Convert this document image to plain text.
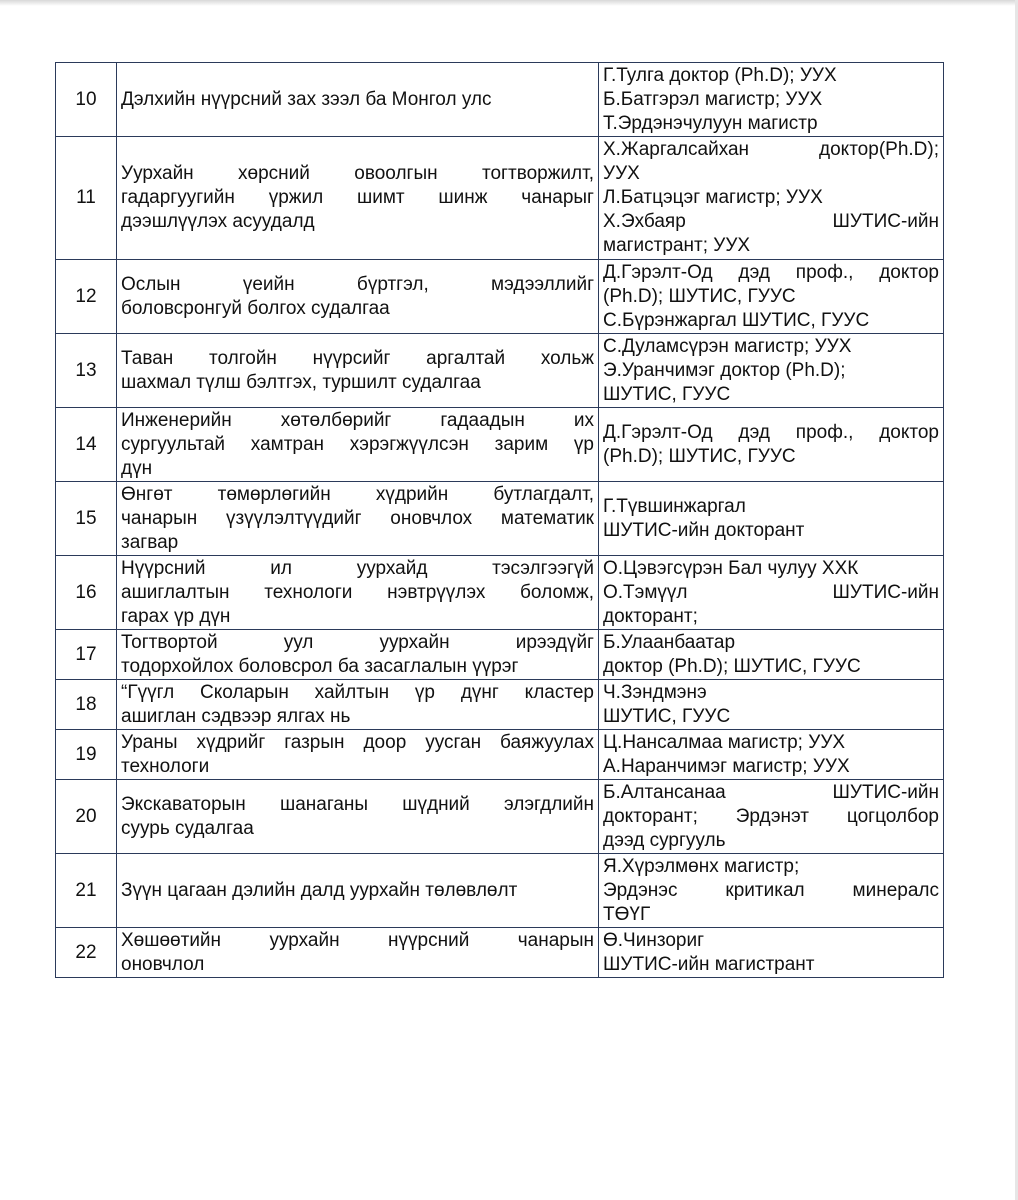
10	Дэлхийн нүүрсний зах зээл ба Монгол улс	Г.Тулга доктор (Ph.D); УУХ
Б.Батгэрэл магистр; УУХ
Т.Эрдэнэчулуун магистр

11	Уурхайн хөрсний овоолгын тогтворжилт,
гадаргуугийн үржил шимт шинж чанарыг
дээшлүүлэх асуудалд	Х.Жаргалсайхан доктор(Ph.D);
УУХ
Л.Батцэцэг магистр; УУХ
Х.Эхбаяр ШУТИС-ийн
магистрант; УУХ

12	Ослын үеийн бүртгэл, мэдээллийг
боловсронгуй болгох судалгаа	Д.Гэрэлт-Од дэд проф., доктор
(Ph.D); ШУТИС, ГУУС
С.Бүрэнжаргал ШУТИС, ГУУС

13	Таван толгойн нүүрсийг аргалтай хольж
шахмал түлш бэлтгэх, туршилт судалгаа	С.Дуламсүрэн магистр; УУХ
Э.Уранчимэг доктор (Ph.D);
ШУТИС, ГУУС

14	Инженерийн хөтөлбөрийг гадаадын их
сургуультай хамтран хэрэгжүүлсэн зарим үр
дүн	Д.Гэрэлт-Од дэд проф., доктор
(Ph.D); ШУТИС, ГУУС

15	Өнгөт төмөрлөгийн хүдрийн бутлагдалт,
чанарын үзүүлэлтүүдийг оновчлох математик
загвар	Г.Түвшинжаргал
ШУТИС-ийн докторант

16	Нүүрсний ил уурхайд тэсэлгээгүй
ашиглалтын технологи нэвтрүүлэх боломж,
гарах үр дүн	О.Цэвэгсүрэн Бал чулуу ХХК
О.Тэмүүл ШУТИС-ийн
докторант;

17	Тогтвортой уул уурхайн ирээдүйг
тодорхойлох боловсрол ба засаглалын үүрэг	Б.Улаанбаатар
доктор (Ph.D); ШУТИС, ГУУС

18	“Гүүгл Сколарын хайлтын үр дүнг кластер
ашиглан сэдвээр ялгах нь	Ч.Зэндмэнэ
ШУТИС, ГУУС

19	Ураны хүдрийг газрын доор уусган баяжуулах
технологи	Ц.Нансалмаа магистр; УУХ
А.Наранчимэг магистр; УУХ

20	Экскаваторын шанаганы шүдний элэгдлийн
суурь судалгаа	Б.Алтансанаа ШУТИС-ийн
докторант; Эрдэнэт цогцолбор
дээд сургууль

21	Зүүн цагаан дэлийн далд уурхайн төлөвлөлт	Я.Хүрэлмөнх магистр;
Эрдэнэс критикал минералс
ТӨҮГ

22	Хөшөөтийн уурхайн нүүрсний чанарын
оновчлол	Ө.Чинзориг
ШУТИС-ийн магистрант
